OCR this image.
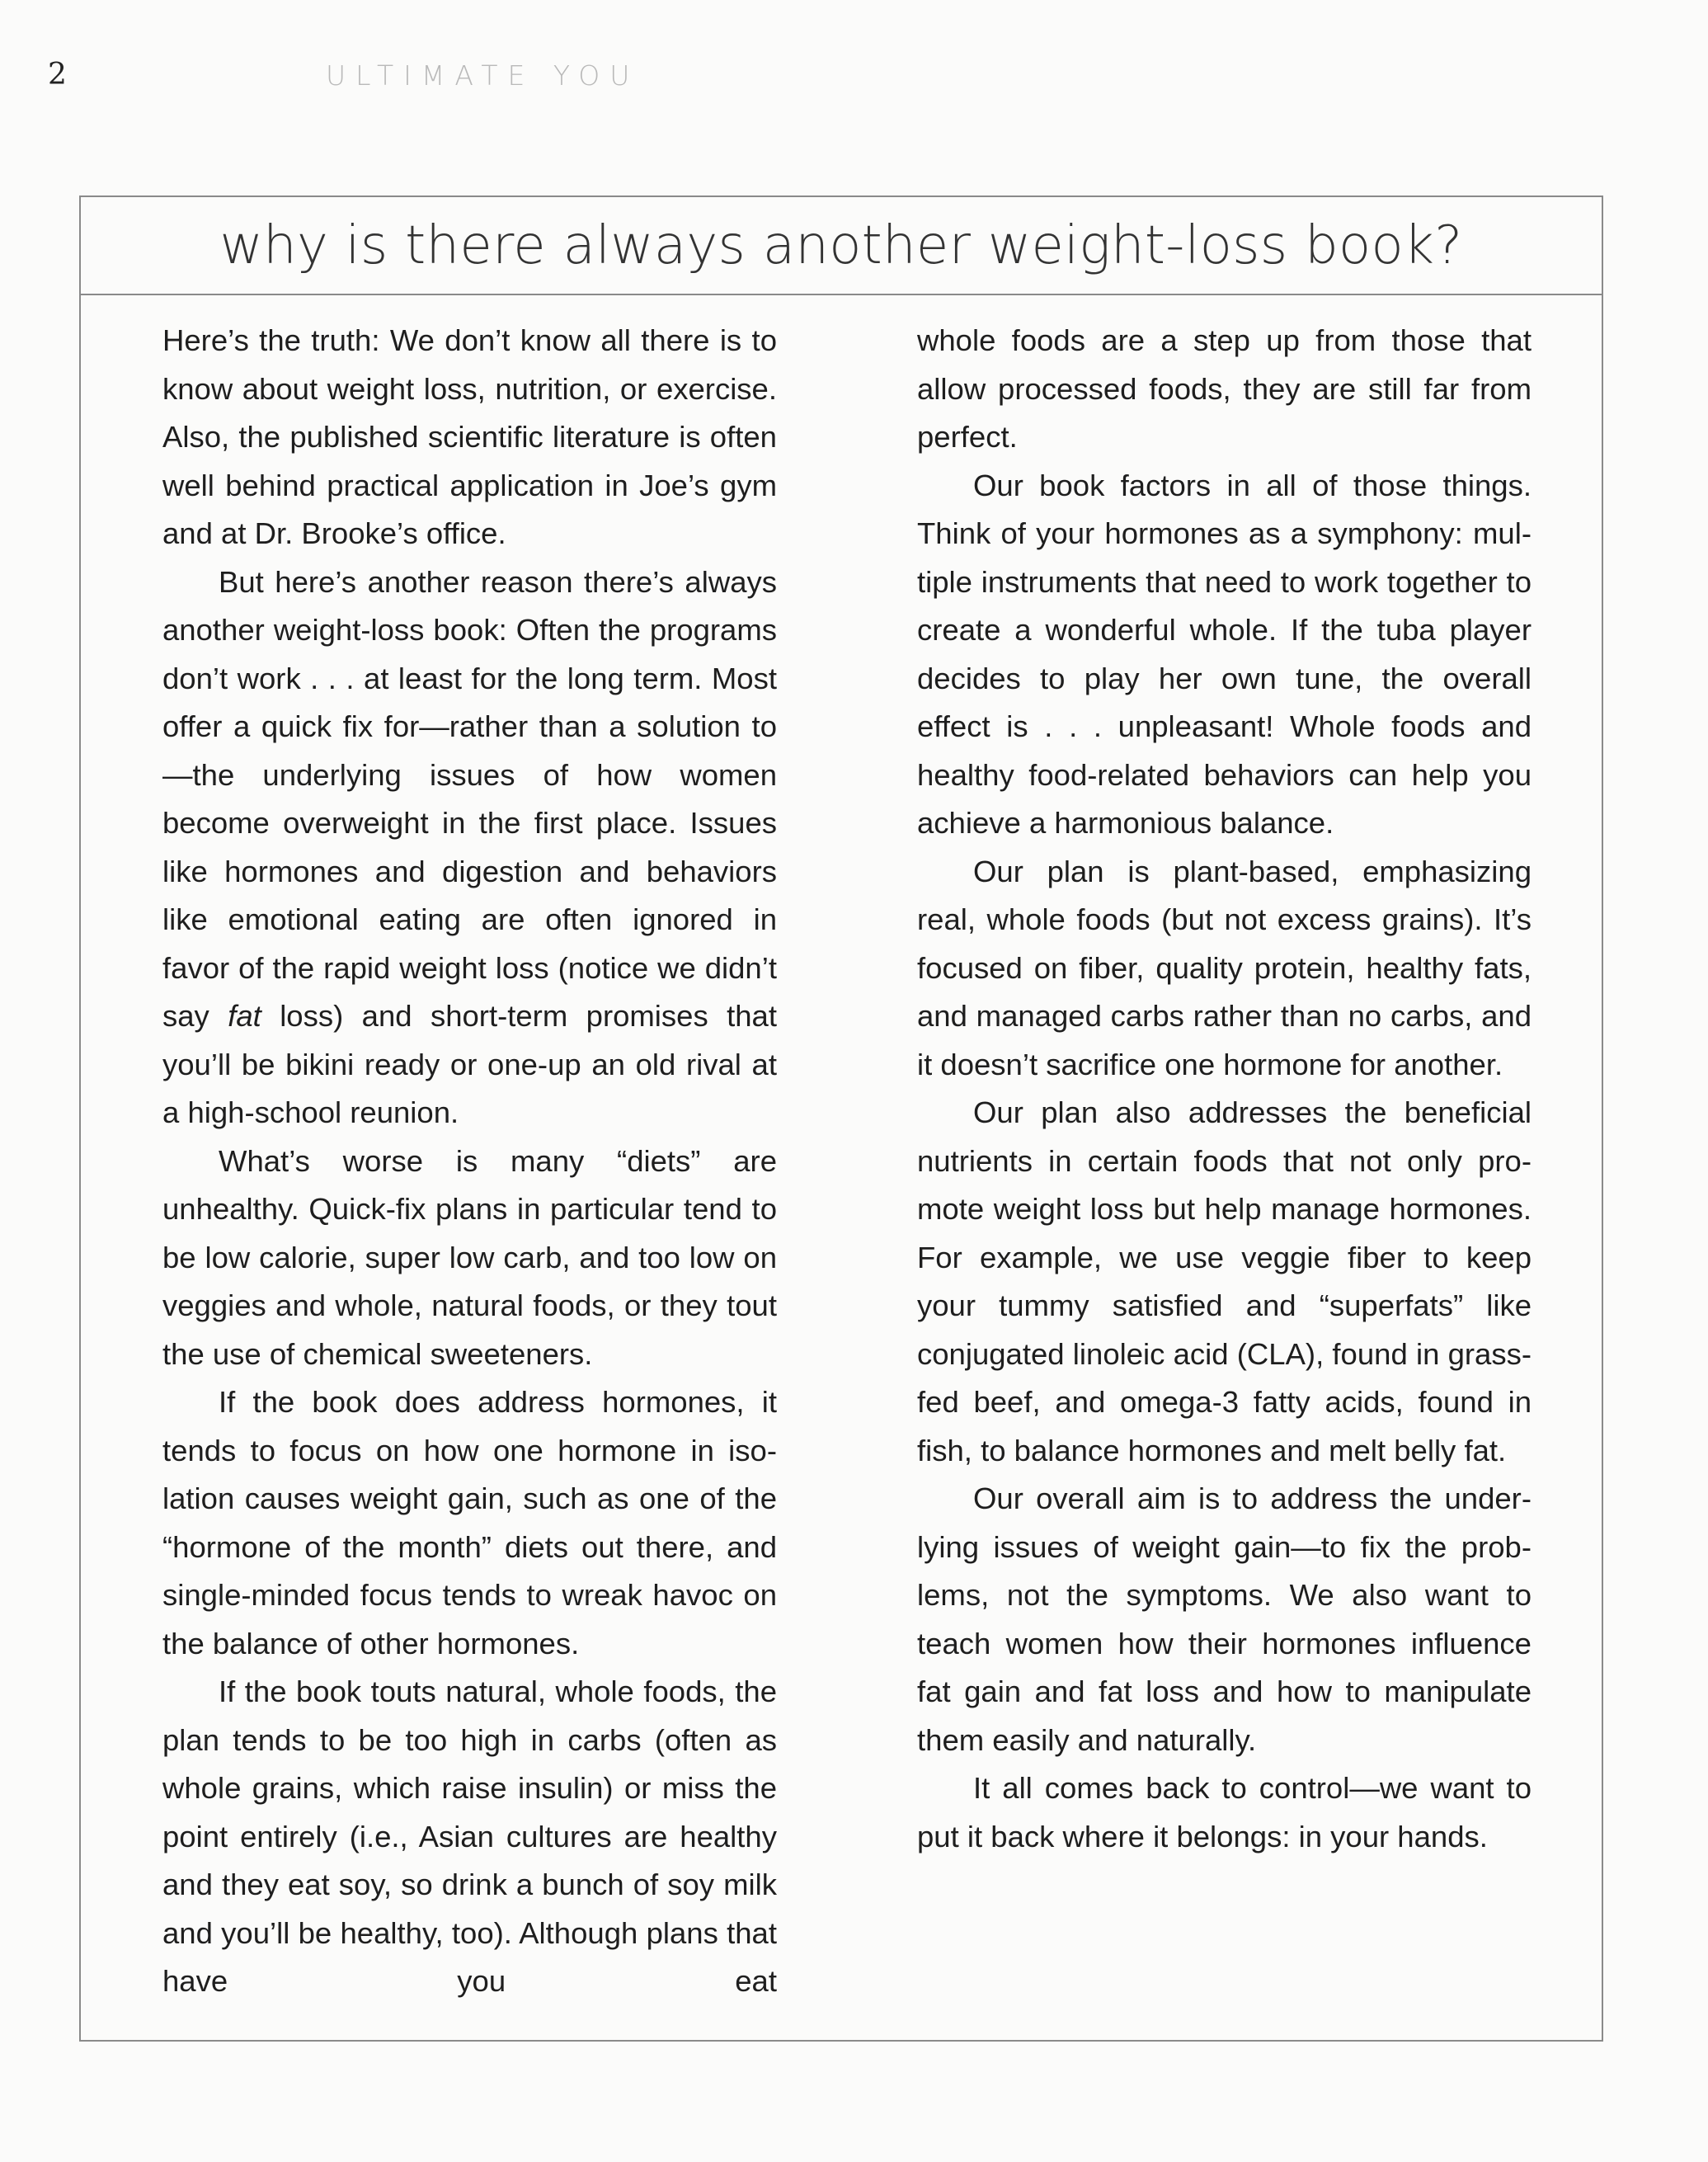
2	ULTIMATE YOU
why is there always another weight-loss book?

Here’s the truth: We don’t know all there is to know about weight loss, nutrition, or exercise. Also, the published scientific literature is often well behind practical application in Joe’s gym and at Dr. Brooke’s office.

But here’s another reason there’s always another weight-loss book: Often the programs don’t work . . . at least for the long term. Most offer a quick fix for—rather than a solution to—the underlying issues of how women become overweight in the first place. Issues like hormones and digestion and behaviors like emotional eating are often ignored in favor of the rapid weight loss (notice we didn’t say fat loss) and short-term promises that you’ll be bikini ready or one-up an old rival at a high-school reunion.

What’s worse is many “diets” are unhealthy. Quick-fix plans in particular tend to be low calorie, super low carb, and too low on veggies and whole, natural foods, or they tout the use of chemical sweeteners.

If the book does address hormones, it tends to focus on how one hormone in isolation causes weight gain, such as one of the “hormone of the month” diets out there, and single-minded focus tends to wreak havoc on the balance of other hormones.

If the book touts natural, whole foods, the plan tends to be too high in carbs (often as whole grains, which raise insulin) or miss the point entirely (i.e., Asian cultures are healthy and they eat soy, so drink a bunch of soy milk and you’ll be healthy, too). Although plans that have you eat

whole foods are a step up from those that allow processed foods, they are still far from perfect.

Our book factors in all of those things. Think of your hormones as a symphony: multiple instruments that need to work together to create a wonderful whole. If the tuba player decides to play her own tune, the overall effect is . . . unpleasant! Whole foods and healthy food-related behaviors can help you achieve a harmonious balance.

Our plan is plant-based, emphasizing real, whole foods (but not excess grains). It’s focused on fiber, quality protein, healthy fats, and managed carbs rather than no carbs, and it doesn’t sacrifice one hormone for another.

Our plan also addresses the beneficial nutrients in certain foods that not only promote weight loss but help manage hormones. For example, we use veggie fiber to keep your tummy satisfied and “superfats” like conjugated linoleic acid (CLA), found in grass-fed beef, and omega-3 fatty acids, found in fish, to balance hormones and melt belly fat.

Our overall aim is to address the underlying issues of weight gain—to fix the problems, not the symptoms. We also want to teach women how their hormones influence fat gain and fat loss and how to manipulate them easily and naturally.

It all comes back to control—we want to put it back where it belongs: in your hands.
